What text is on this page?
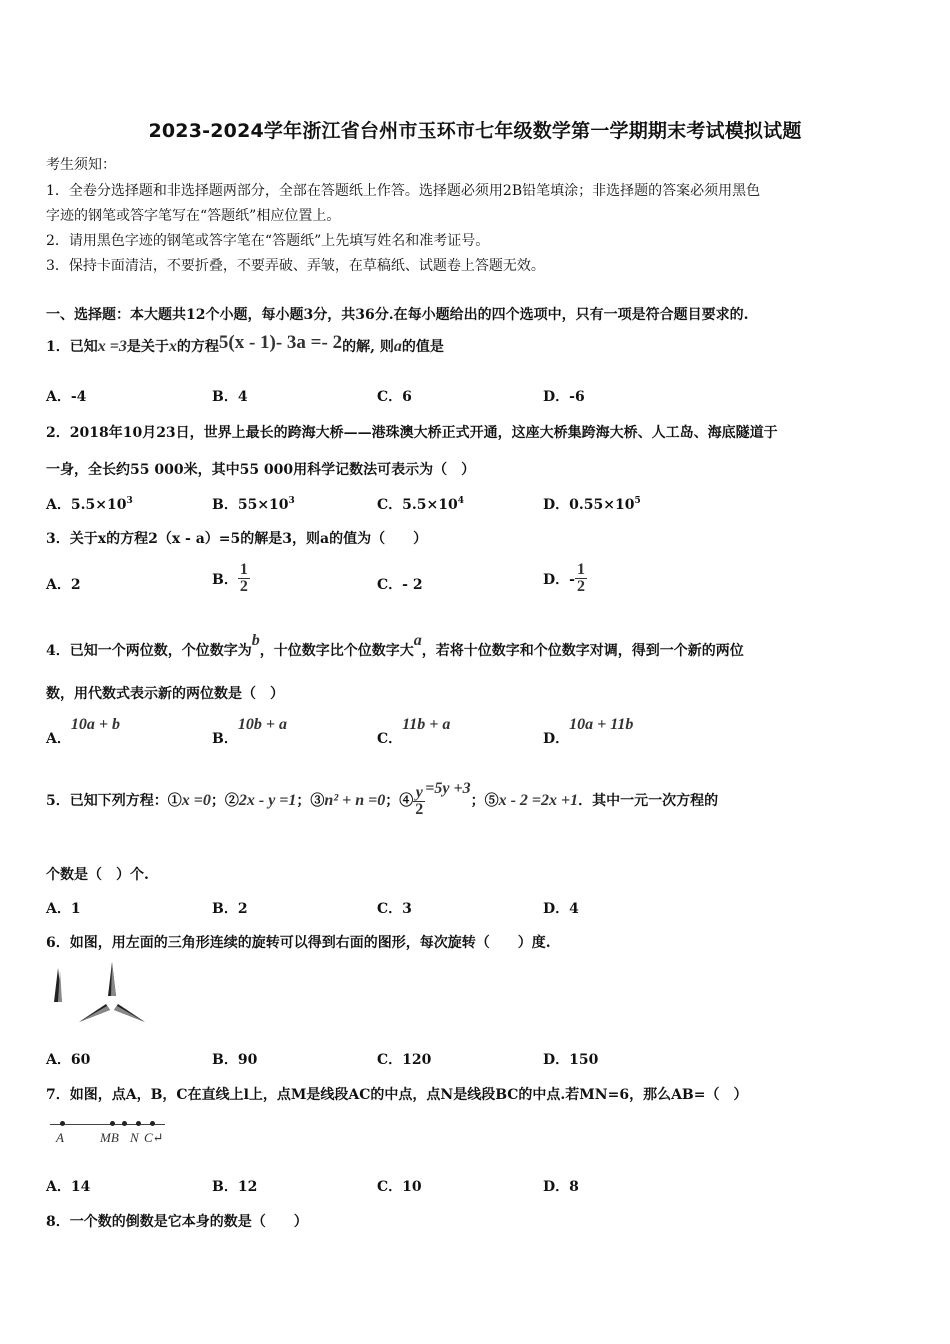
2023-2024学年浙江省台州市玉环市七年级数学第一学期期末考试模拟试题
考生须知：
1．全卷分选择题和非选择题两部分，全部在答题纸上作答。选择题必须用2B铅笔填涂；非选择题的答案必须用黑色
字迹的钢笔或答字笔写在“答题纸”相应位置上。
2．请用黑色字迹的钢笔或答字笔在“答题纸”上先填写姓名和准考证号。
3．保持卡面清洁，不要折叠，不要弄破、弄皱，在草稿纸、试题卷上答题无效。
一、选择题：本大题共12个小题，每小题3分，共36分.在每小题给出的四个选项中，只有一项是符合题目要求的.
1．已知x =3是关于x的方程5(x - 1)- 3a =- 2的解, 则a的值是
A．-4	B．4	C．6	D．-6
2．2018年10月23日，世界上最长的跨海大桥——港珠澳大桥正式开通，这座大桥集跨海大桥、人工岛、海底隧道于
一身，全长约55 000米，其中55 000用科学记数法可表示为（　）
A．$5.5\times 10^3$	B．$55\times 10^3$	C．$5.5\times 10^4$	D．$0.55\times 10^5$
3．关于x的方程2（x - a）=5的解是3，则a的值为（　　）
A．2	B． $\frac{1}{2}$	C．- 2	D．- $\frac{1}{2}$
4．已知一个两位数，个位数字为b，十位数字比个位数字大a，若将十位数字和个位数字对调，得到一个新的两位
数，用代数式表示新的两位数是（　）
A．10a + b
B．10b + a
C．11b + a
D．10a + 11b
5．已知下列方程：①x =0；②2x - y =1；③n² + n =0；④ $\frac{y}{2} =5y +3$；⑤x - 2 =2x +1．其中一元一次方程的
个数是（　）个.
A．1	B．2	C．3	D．4
6．如图，用左面的三角形连续的旋转可以得到右面的图形，每次旋转（　　）度.
A．60	B．90	C．120	D．150
7．如图，点A，B，C在直线上l上，点M是线段AC的中点，点N是线段BC的中点.若MN=6，那么AB=（　）
A	MB N C↵
A．14	B．12	C．10	D．8
8．一个数的倒数是它本身的数是（　　）
